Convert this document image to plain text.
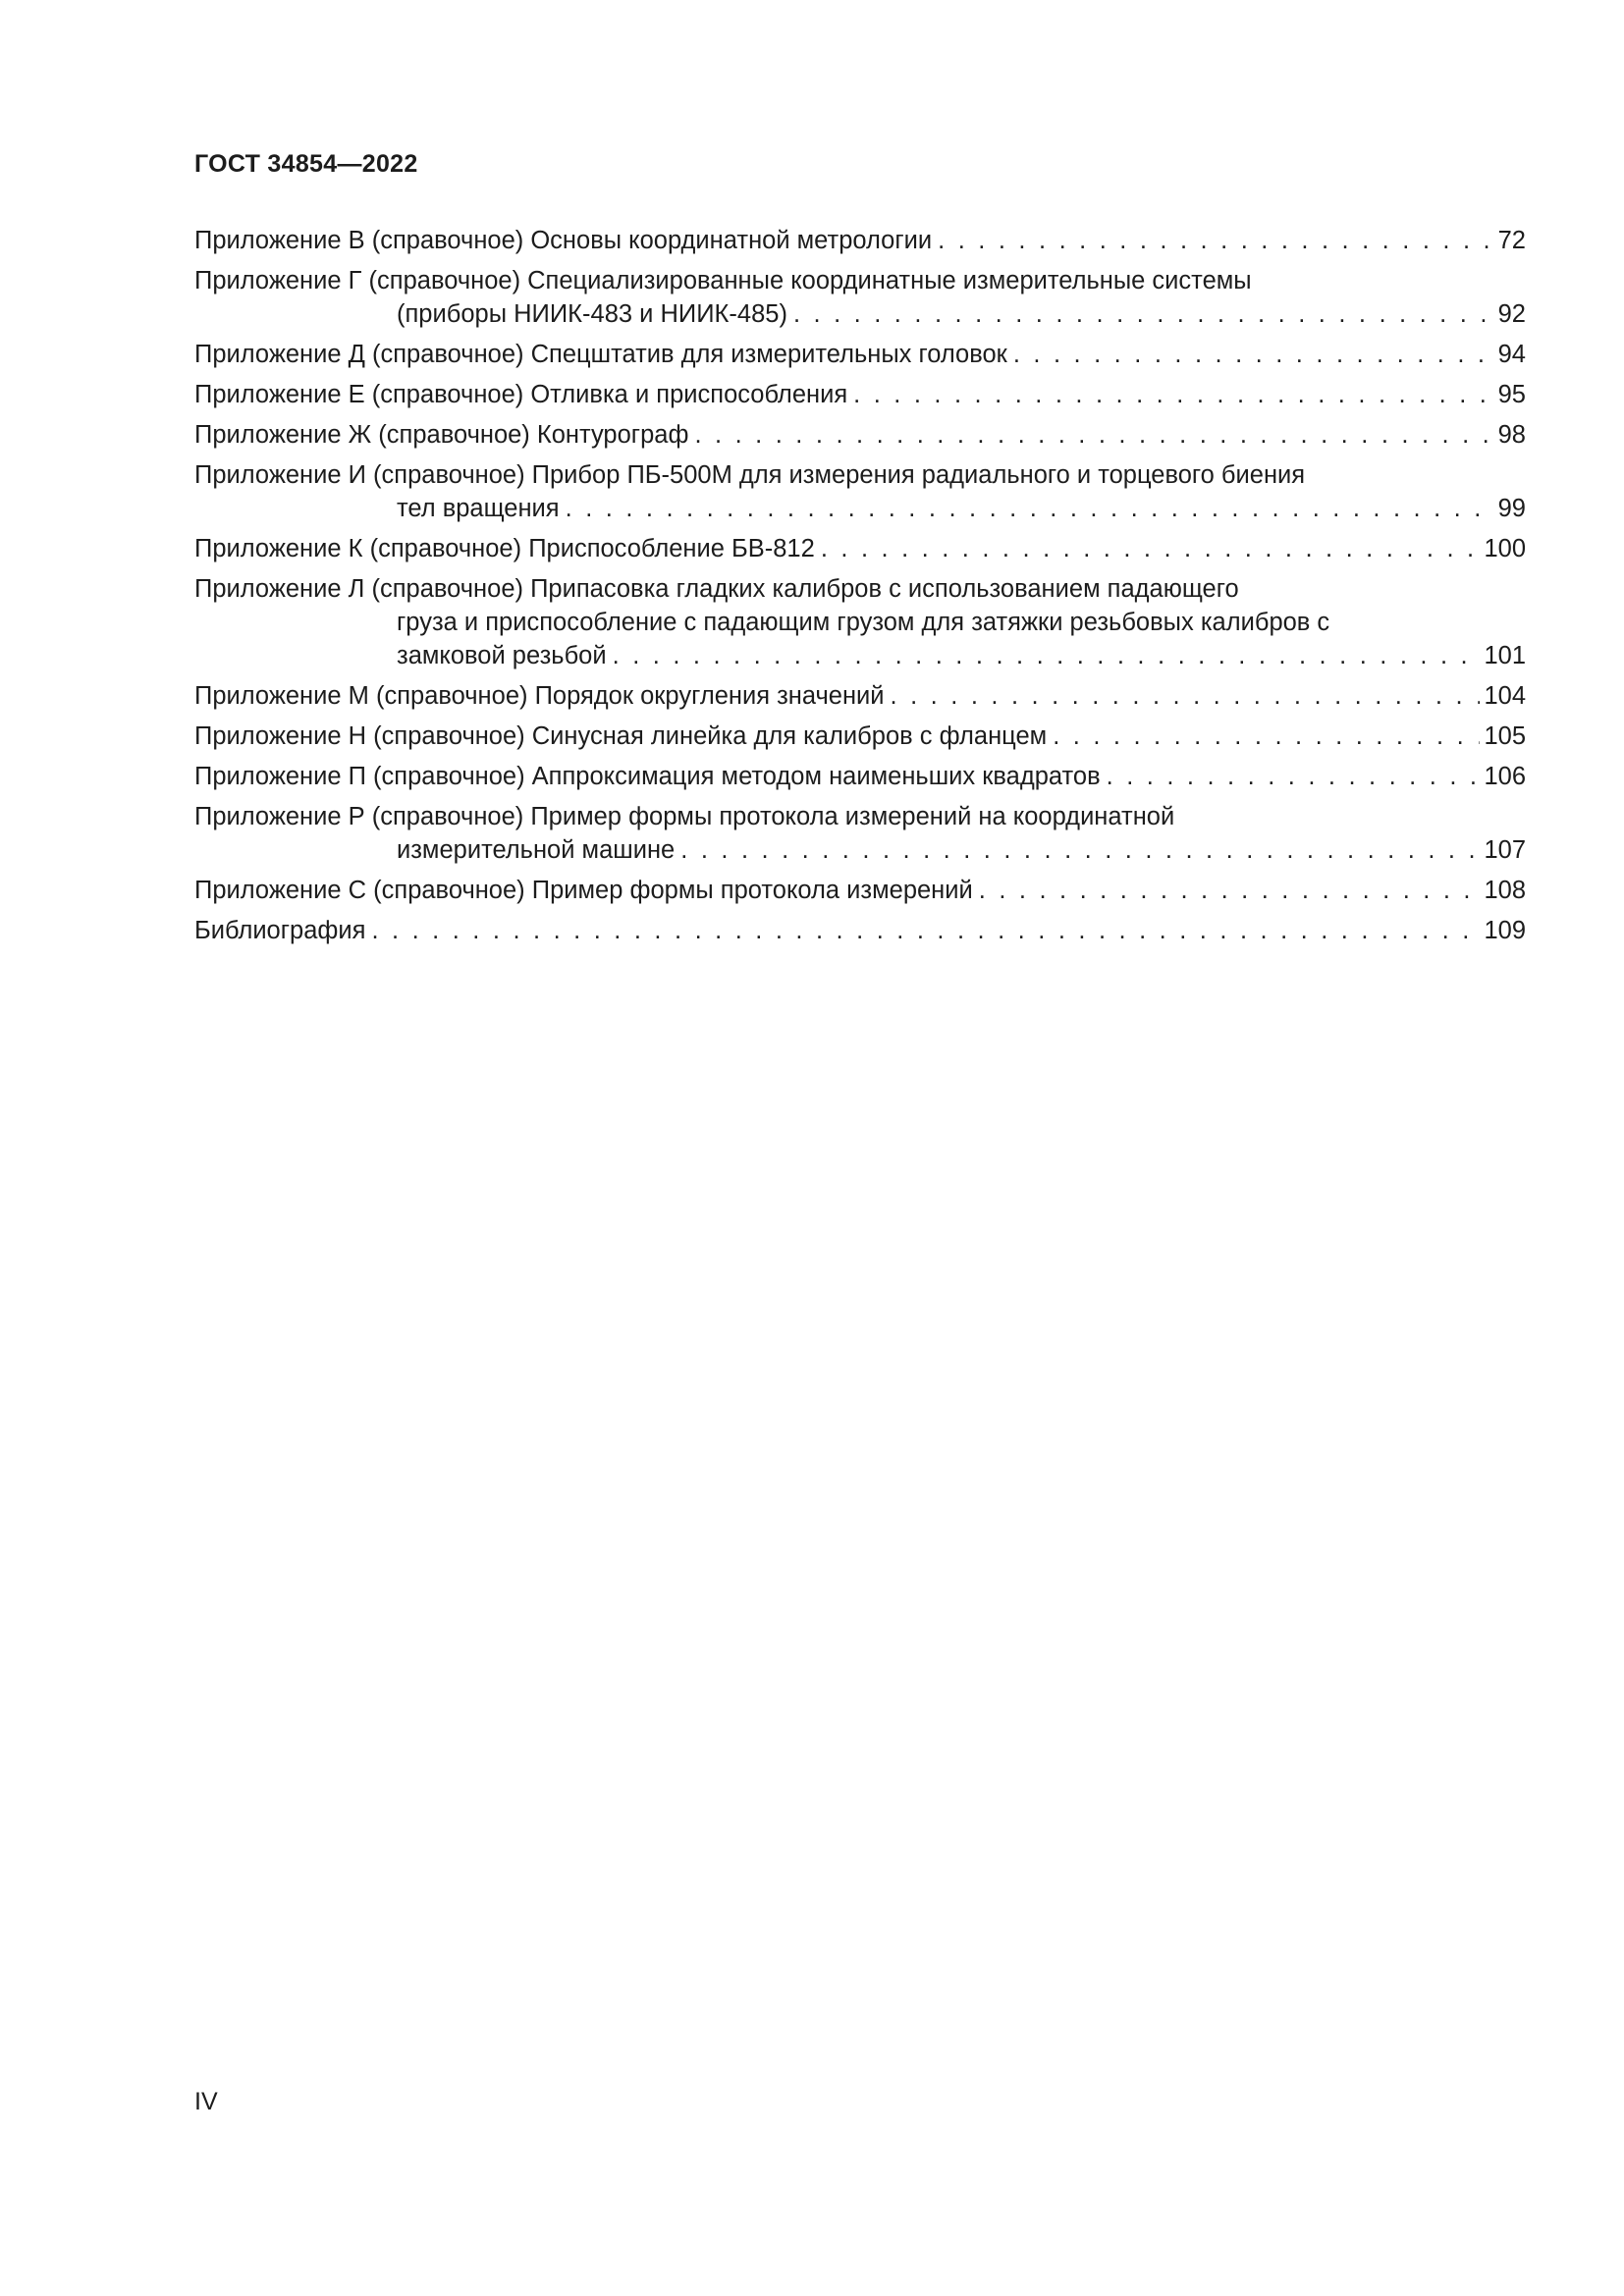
ГОСТ 34854—2022
Приложение В (справочное) Основы координатной метрологии . . .	72
Приложение Г (справочное) Специализированные координатные измерительные системы
(приборы НИИК-483 и НИИК-485) . . .	92
Приложение Д (справочное) Спецштатив для измерительных головок . . .	94
Приложение Е (справочное) Отливка и приспособления . . .	95
Приложение Ж (справочное) Контурограф . . .	98
Приложение И (справочное) Прибор ПБ-500М для измерения радиального и торцевого биения
тел вращения . . .	99
Приложение К (справочное) Приспособление БВ-812 . . .	100
Приложение Л (справочное) Припасовка гладких калибров с использованием падающего
груза и приспособление с падающим грузом для затяжки резьбовых калибров с
замковой резьбой . . .	101
Приложение М (справочное) Порядок округления значений . . .	104
Приложение Н (справочное) Синусная линейка для калибров с фланцем . . .	105
Приложение П (справочное) Аппроксимация методом наименьших квадратов . . .	106
Приложение Р (справочное) Пример формы протокола измерений на координатной
измерительной машине . . .	107
Приложение С (справочное) Пример формы протокола измерений . . .	108
Библиография . . .	109
IV
